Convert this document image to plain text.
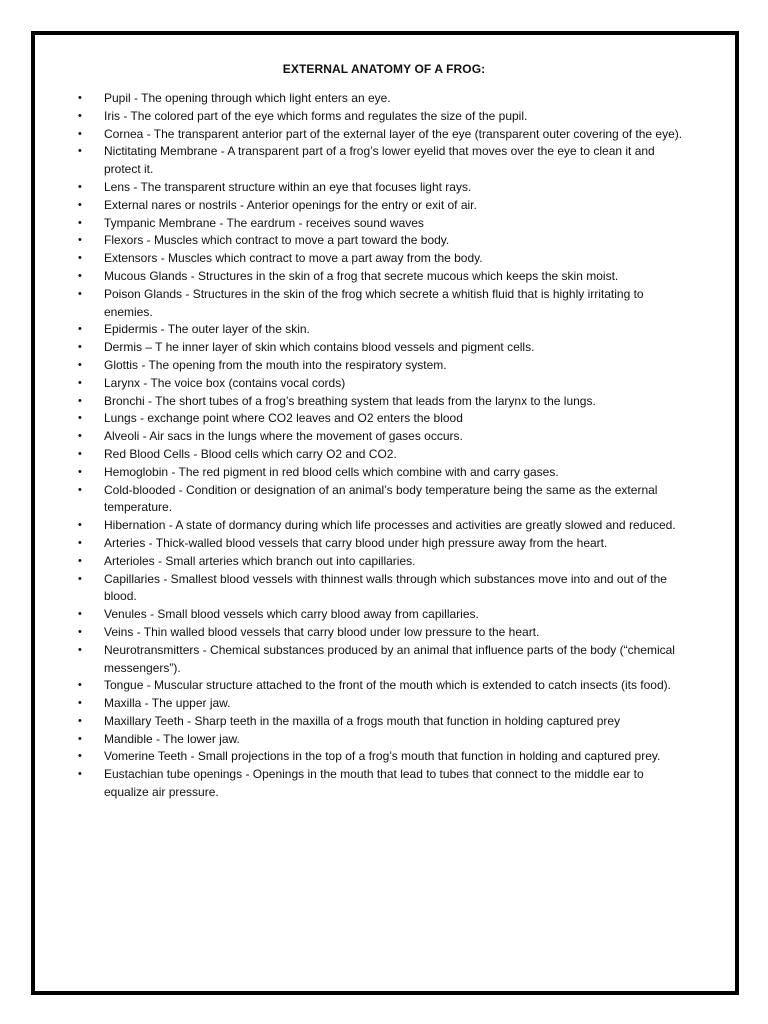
EXTERNAL ANATOMY OF A FROG:
• Pupil - The opening through which light enters an eye.
• Iris - The colored part of the eye which forms and regulates the size of the pupil.
• Cornea - The transparent anterior part of the external layer of the eye (transparent outer covering of the eye).
• Nictitating Membrane - A transparent part of a frog’s lower eyelid that moves over the eye to clean it and protect it.
• Lens - The transparent structure within an eye that focuses light rays.
• External nares or nostrils - Anterior openings for the entry or exit of air.
• Tympanic Membrane - The eardrum - receives sound waves
• Flexors - Muscles which contract to move a part toward the body.
• Extensors - Muscles which contract to move a part away from the body.
• Mucous Glands - Structures in the skin of a frog that secrete mucous which keeps the skin moist.
• Poison Glands - Structures in the skin of the frog which secrete a whitish fluid that is highly irritating to enemies.
• Epidermis - The outer layer of the skin.
• Dermis – T he inner layer of skin which contains blood vessels and pigment cells.
• Glottis - The opening from the mouth into the respiratory system.
• Larynx - The voice box (contains vocal cords)
• Bronchi - The short tubes of a frog’s breathing system that leads from the larynx to the lungs.
• Lungs - exchange point where CO2 leaves and O2 enters the blood
• Alveoli - Air sacs in the lungs where the movement of gases occurs.
• Red Blood Cells - Blood cells which carry O2 and CO2.
• Hemoglobin - The red pigment in red blood cells which combine with and carry gases.
• Cold-blooded - Condition or designation of an animal’s body temperature being the same as the external temperature.
• Hibernation - A state of dormancy during which life processes and activities are greatly slowed and reduced.
• Arteries - Thick-walled blood vessels that carry blood under high pressure away from the heart.
• Arterioles - Small arteries which branch out into capillaries.
• Capillaries - Smallest blood vessels with thinnest walls through which substances move into and out of the blood.
• Venules - Small blood vessels which carry blood away from capillaries.
• Veins - Thin walled blood vessels that carry blood under low pressure to the heart.
• Neurotransmitters - Chemical substances produced by an animal that influence parts of the body (“chemical messengers”).
• Tongue - Muscular structure attached to the front of the mouth which is extended to catch insects (its food).
• Maxilla - The upper jaw.
• Maxillary Teeth - Sharp teeth in the maxilla of a frogs mouth that function in holding captured prey
• Mandible - The lower jaw.
• Vomerine Teeth - Small projections in the top of a frog’s mouth that function in holding and captured prey.
• Eustachian tube openings - Openings in the mouth that lead to tubes that connect to the middle ear to equalize air pressure.
